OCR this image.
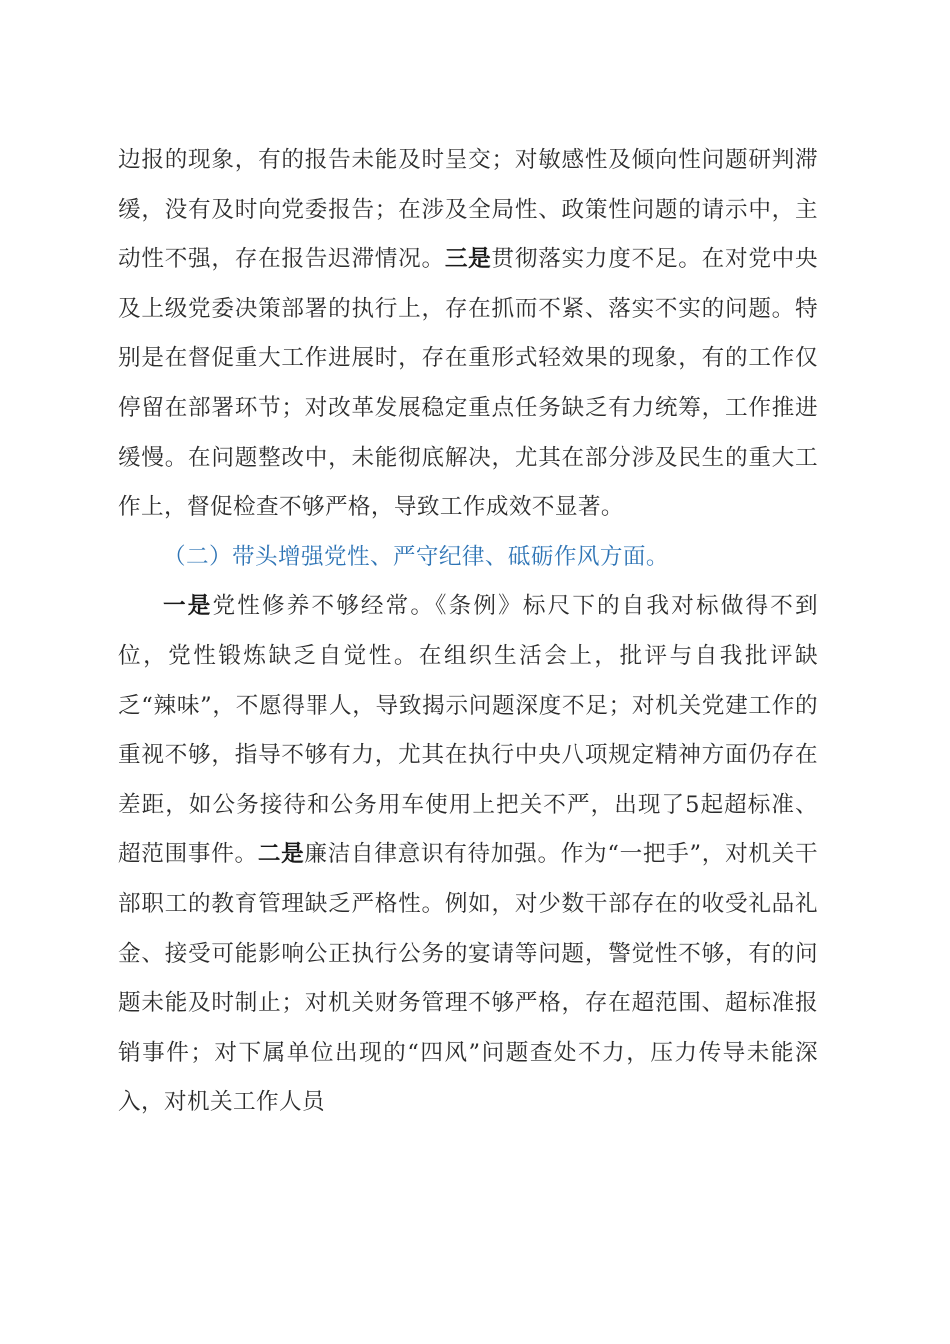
边报的现象，有的报告未能及时呈交；对敏感性及倾向性问题研判滞缓，没有及时向党委报告；在涉及全局性、政策性问题的请示中，主动性不强，存在报告迟滞情况。三是贯彻落实力度不足。在对党中央及上级党委决策部署的执行上，存在抓而不紧、落实不实的问题。特别是在督促重大工作进展时，存在重形式轻效果的现象，有的工作仅停留在部署环节；对改革发展稳定重点任务缺乏有力统筹，工作推进缓慢。在问题整改中，未能彻底解决，尤其在部分涉及民生的重大工作上，督促检查不够严格，导致工作成效不显著。

（二）带头增强党性、严守纪律、砥砺作风方面。

一是党性修养不够经常。《条例》标尺下的自我对标做得不到位，党性锻炼缺乏自觉性。在组织生活会上，批评与自我批评缺乏“辣味”，不愿得罪人，导致揭示问题深度不足；对机关党建工作的重视不够，指导不够有力，尤其在执行中央八项规定精神方面仍存在差距，如公务接待和公务用车使用上把关不严，出现了5起超标准、超范围事件。二是廉洁自律意识有待加强。作为“一把手”，对机关干部职工的教育管理缺乏严格性。例如，对少数干部存在的收受礼品礼金、接受可能影响公正执行公务的宴请等问题，警觉性不够，有的问题未能及时制止；对机关财务管理不够严格，存在超范围、超标准报销事件；对下属单位出现的“四风”问题查处不力，压力传导未能深入，对机关工作人员
